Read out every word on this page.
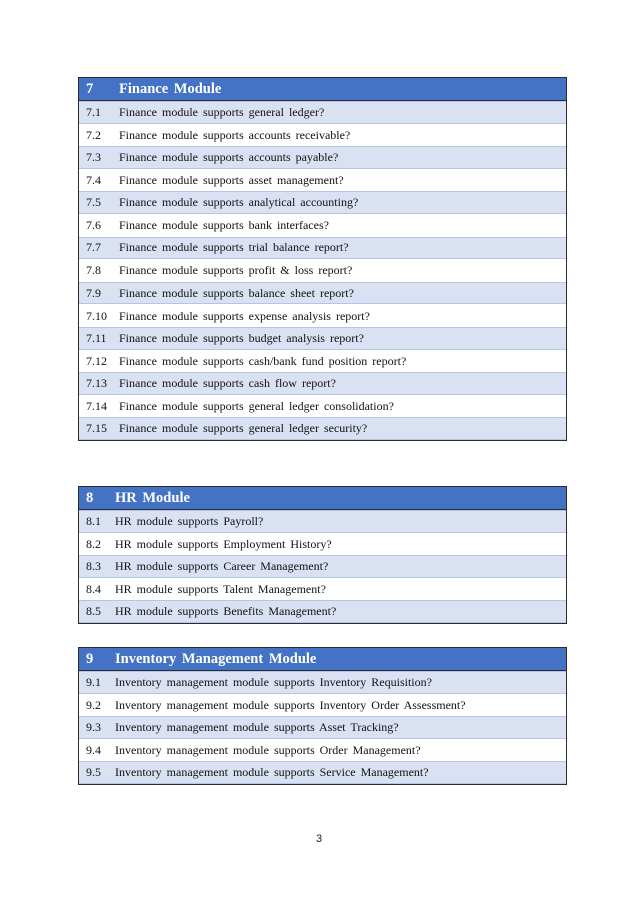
7	Finance Module
7.1	Finance module supports general ledger?
7.2	Finance module supports accounts receivable?
7.3	Finance module supports accounts payable?
7.4	Finance module supports asset management?
7.5	Finance module supports analytical accounting?
7.6	Finance module supports bank interfaces?
7.7	Finance module supports trial balance report?
7.8	Finance module supports profit & loss report?
7.9	Finance module supports balance sheet report?
7.10	Finance module supports expense analysis report?
7.11	Finance module supports budget analysis report?
7.12	Finance module supports cash/bank fund position report?
7.13	Finance module supports cash flow report?
7.14	Finance module supports general ledger consolidation?
7.15	Finance module supports general ledger security?
8	HR Module
8.1	HR module supports Payroll?
8.2	HR module supports Employment History?
8.3	HR module supports Career Management?
8.4	HR module supports Talent Management?
8.5	HR module supports Benefits Management?
9	Inventory Management Module
9.1	Inventory management module supports Inventory Requisition?
9.2	Inventory management module supports Inventory Order Assessment?
9.3	Inventory management module supports Asset Tracking?
9.4	Inventory management module supports Order Management?
9.5	Inventory management module supports Service Management?
3
